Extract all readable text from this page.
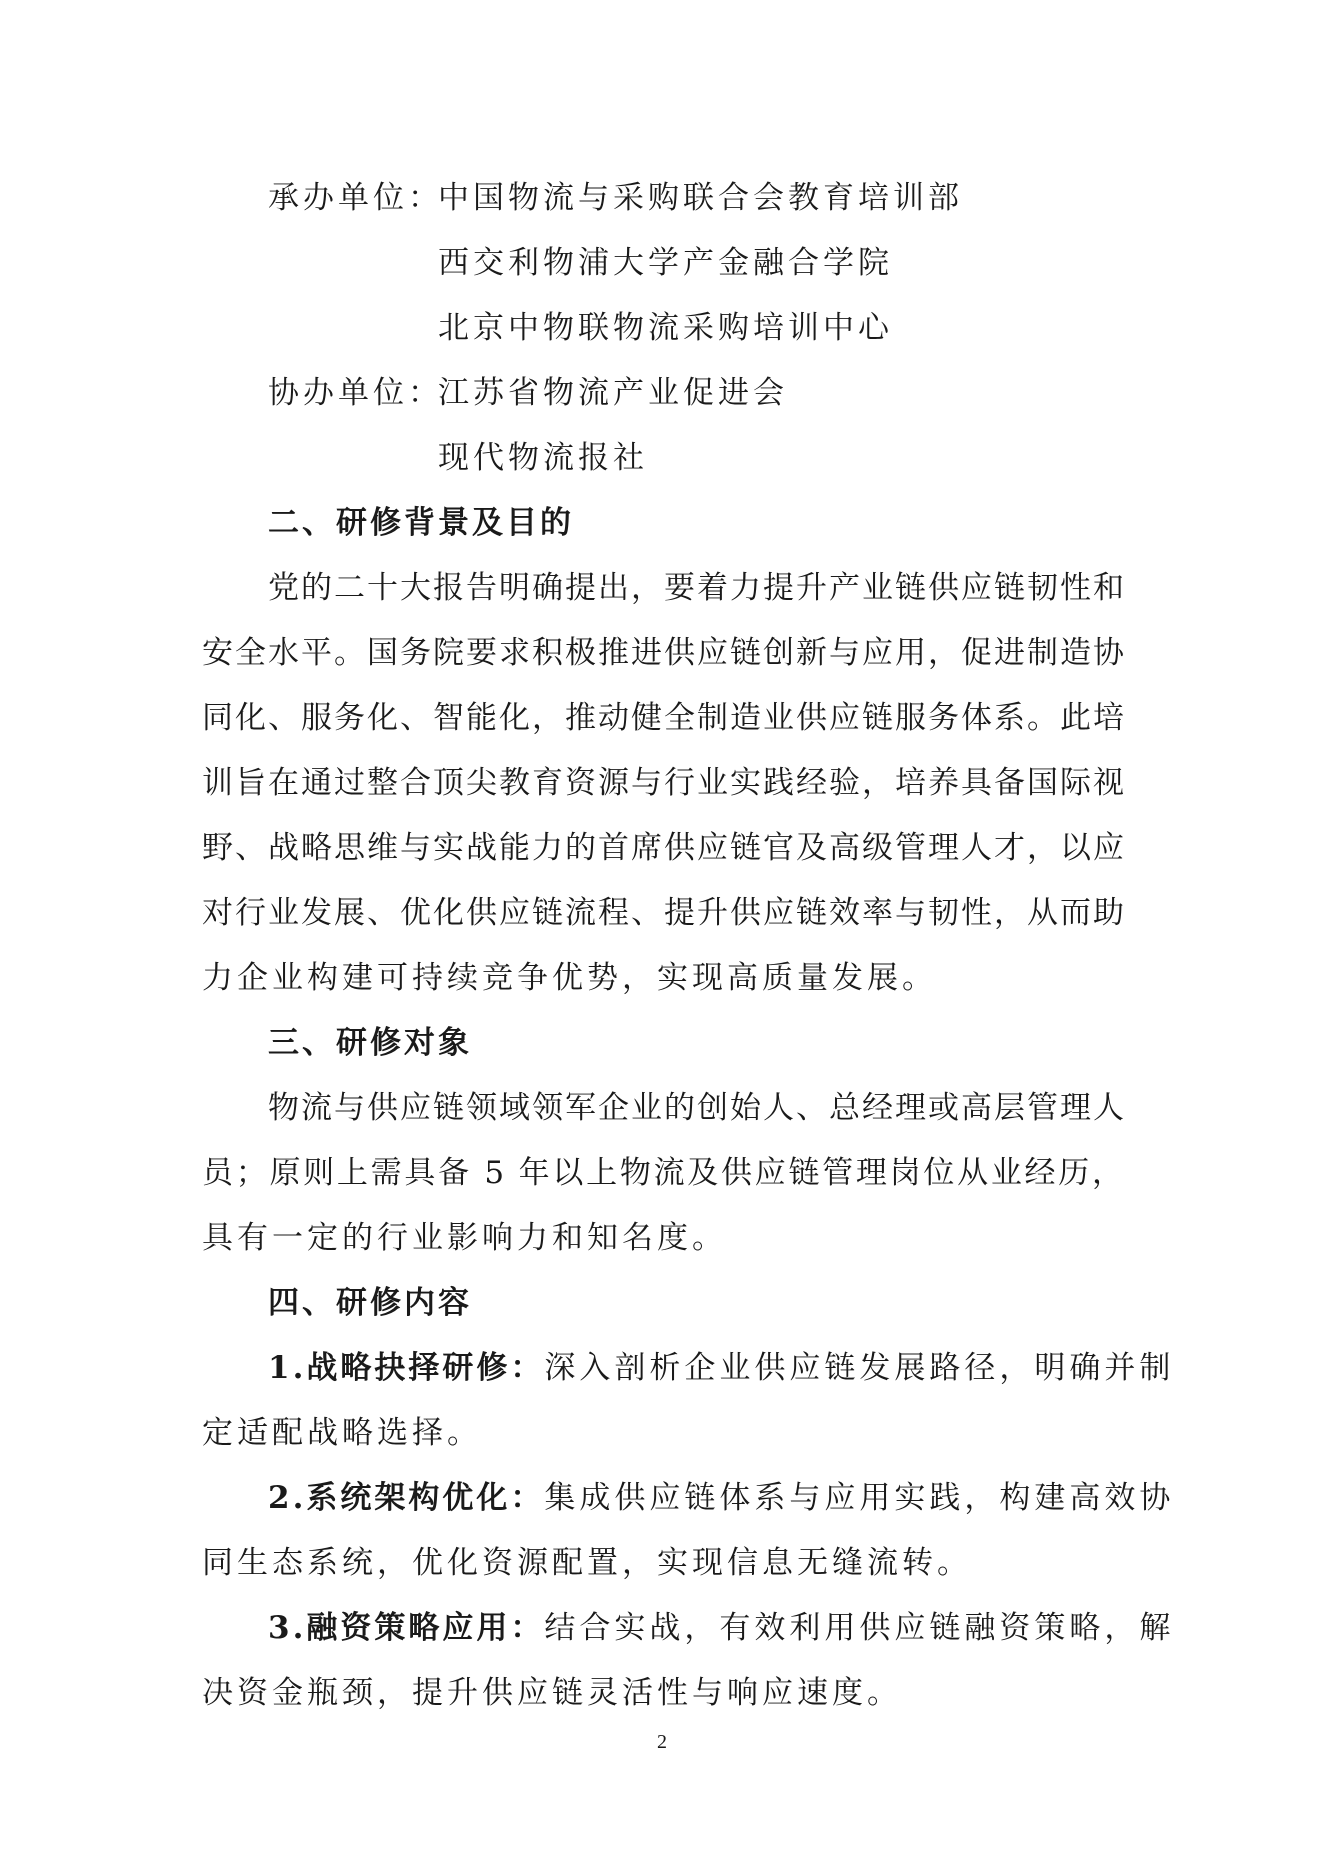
承办单位：
中国物流与采购联合会教育培训部
西交利物浦大学产金融合学院
北京中物联物流采购培训中心
协办单位：
江苏省物流产业促进会
现代物流报社
二、研修背景及目的
党的二十大报告明确提出，要着力提升产业链供应链韧性和
安全水平。国务院要求积极推进供应链创新与应用，促进制造协
同化、服务化、智能化，推动健全制造业供应链服务体系。此培
训旨在通过整合顶尖教育资源与行业实践经验，培养具备国际视
野、战略思维与实战能力的首席供应链官及高级管理人才，以应
对行业发展、优化供应链流程、提升供应链效率与韧性，从而助
力企业构建可持续竞争优势，实现高质量发展。
三、研修对象
物流与供应链领域领军企业的创始人、总经理或高层管理人
员；原则上需具备 5 年以上物流及供应链管理岗位从业经历，
具有一定的行业影响力和知名度。
四、研修内容
1.战略抉择研修： 深入剖析企业供应链发展路径，明确并制
定适配战略选择。
2.系统架构优化： 集成供应链体系与应用实践，构建高效协
同生态系统，优化资源配置，实现信息无缝流转。
3.融资策略应用： 结合实战，有效利用供应链融资策略，解
决资金瓶颈，提升供应链灵活性与响应速度。
2
